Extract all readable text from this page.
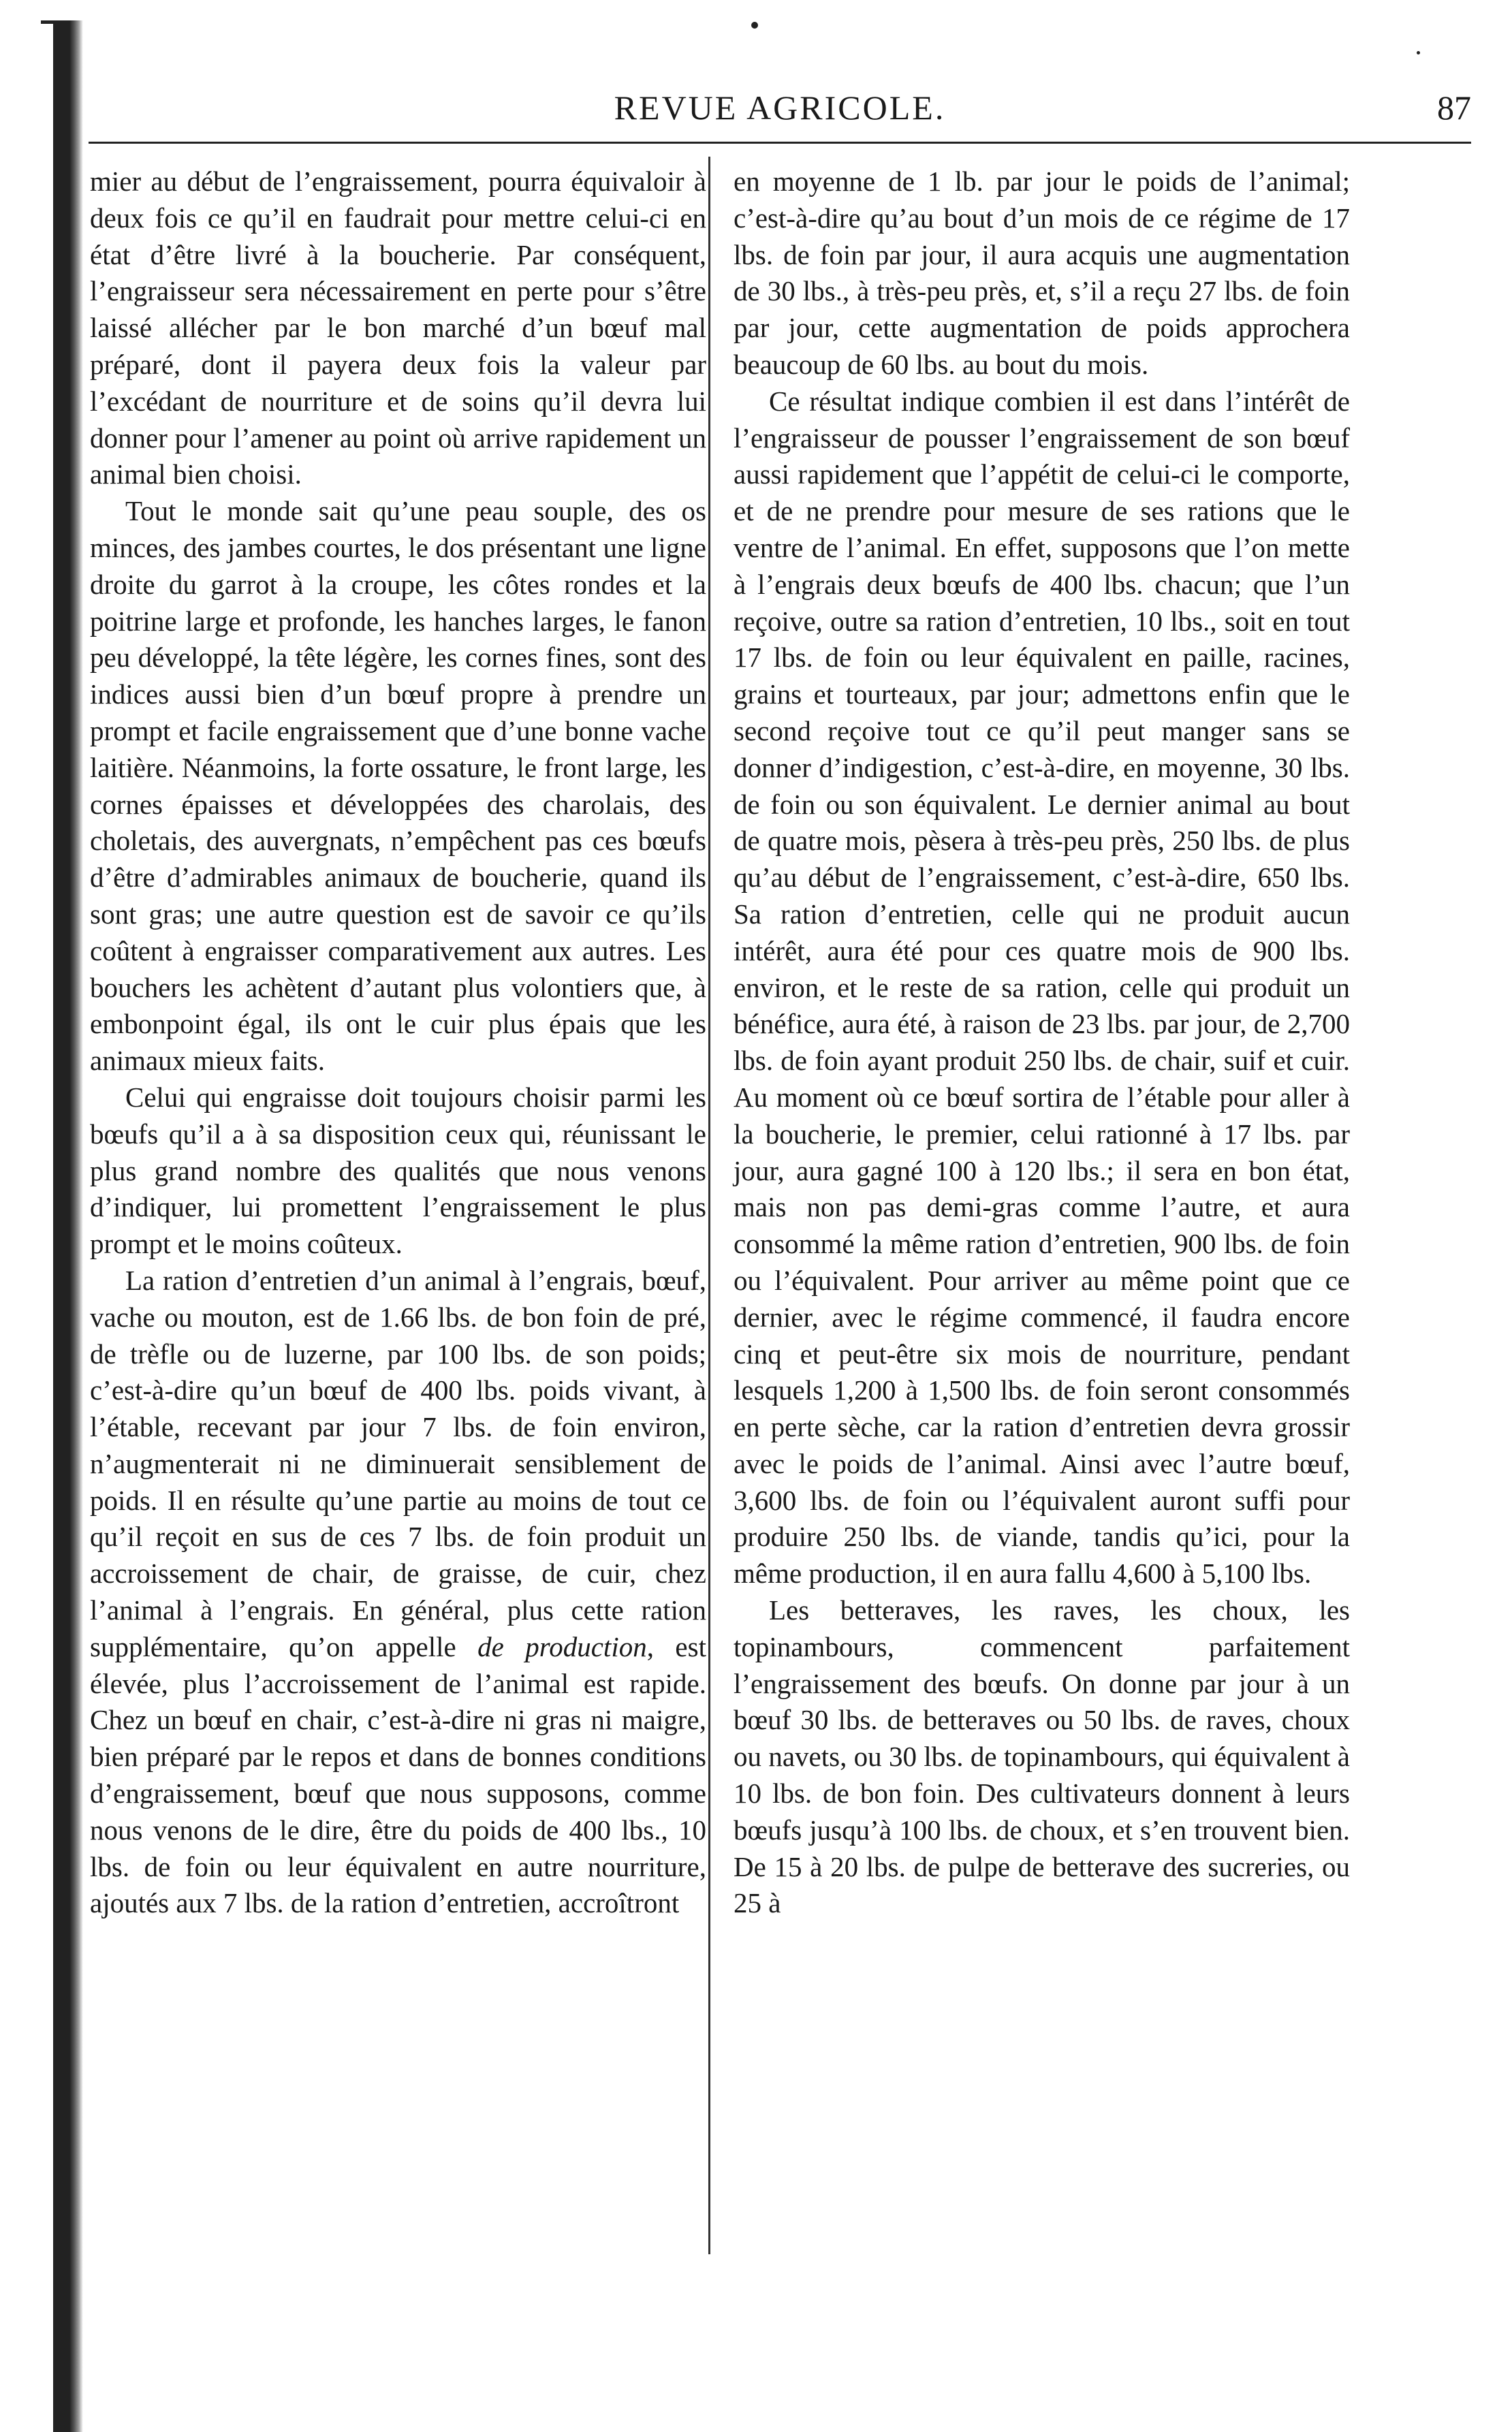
REVUE AGRICOLE.	87

mier au début de l’engraissement, pourra équivaloir à deux fois ce qu’il en faudrait pour mettre celui-ci en état d’être livré à la boucherie. Par conséquent, l’engraisseur sera nécessairement en perte pour s’être laissé allécher par le bon marché d’un bœuf mal préparé, dont il payera deux fois la valeur par l’excédant de nourriture et de soins qu’il devra lui donner pour l’amener au point où arrive rapidement un animal bien choisi.

Tout le monde sait qu’une peau souple, des os minces, des jambes courtes, le dos présentant une ligne droite du garrot à la croupe, les côtes rondes et la poitrine large et profonde, les hanches larges, le fanon peu développé, la tête légère, les cornes fines, sont des indices aussi bien d’un bœuf propre à prendre un prompt et facile engraissement que d’une bonne vache laitière. Néanmoins, la forte ossature, le front large, les cornes épaisses et développées des charolais, des choletais, des auvergnats, n’empêchent pas ces bœufs d’être d’admirables animaux de boucherie, quand ils sont gras; une autre question est de savoir ce qu’ils coûtent à engraisser comparativement aux autres. Les bouchers les achètent d’autant plus volontiers que, à embonpoint égal, ils ont le cuir plus épais que les animaux mieux faits.

Celui qui engraisse doit toujours choisir parmi les bœufs qu’il a à sa disposition ceux qui, réunissant le plus grand nombre des qualités que nous venons d’indiquer, lui promettent l’engraissement le plus prompt et le moins coûteux.

La ration d’entretien d’un animal à l’engrais, bœuf, vache ou mouton, est de 1.66 lbs. de bon foin de pré, de trèfle ou de luzerne, par 100 lbs. de son poids; c’est-à-dire qu’un bœuf de 400 lbs. poids vivant, à l’étable, recevant par jour 7 lbs. de foin environ, n’augmenterait ni ne diminuerait sensiblement de poids. Il en résulte qu’une partie au moins de tout ce qu’il reçoit en sus de ces 7 lbs. de foin produit un accroissement de chair, de graisse, de cuir, chez l’animal à l’engrais. En général, plus cette ration supplémentaire, qu’on appelle de production, est élevée, plus l’accroissement de l’animal est rapide. Chez un bœuf en chair, c’est-à-dire ni gras ni maigre, bien préparé par le repos et dans de bonnes conditions d’engraissement, bœuf que nous supposons, comme nous venons de le dire, être du poids de 400 lbs., 10 lbs. de foin ou leur équivalent en autre nourriture, ajoutés aux 7 lbs. de la ration d’entretien, accroîtront

en moyenne de 1 lb. par jour le poids de l’animal; c’est-à-dire qu’au bout d’un mois de ce régime de 17 lbs. de foin par jour, il aura acquis une augmentation de 30 lbs., à très-peu près, et, s’il a reçu 27 lbs. de foin par jour, cette augmentation de poids approchera beaucoup de 60 lbs. au bout du mois.

Ce résultat indique combien il est dans l’intérêt de l’engraisseur de pousser l’engraissement de son bœuf aussi rapidement que l’appétit de celui-ci le comporte, et de ne prendre pour mesure de ses rations que le ventre de l’animal. En effet, supposons que l’on mette à l’engrais deux bœufs de 400 lbs. chacun; que l’un reçoive, outre sa ration d’entretien, 10 lbs., soit en tout 17 lbs. de foin ou leur équivalent en paille, racines, grains et tourteaux, par jour; admettons enfin que le second reçoive tout ce qu’il peut manger sans se donner d’indigestion, c’est-à-dire, en moyenne, 30 lbs. de foin ou son équivalent. Le dernier animal au bout de quatre mois, pèsera à très-peu près, 250 lbs. de plus qu’au début de l’engraissement, c’est-à-dire, 650 lbs. Sa ration d’entretien, celle qui ne produit aucun intérêt, aura été pour ces quatre mois de 900 lbs. environ, et le reste de sa ration, celle qui produit un bénéfice, aura été, à raison de 23 lbs. par jour, de 2,700 lbs. de foin ayant produit 250 lbs. de chair, suif et cuir. Au moment où ce bœuf sortira de l’étable pour aller à la boucherie, le premier, celui rationné à 17 lbs. par jour, aura gagné 100 à 120 lbs.; il sera en bon état, mais non pas demi-gras comme l’autre, et aura consommé la même ration d’entretien, 900 lbs. de foin ou l’équivalent. Pour arriver au même point que ce dernier, avec le régime commencé, il faudra encore cinq et peut-être six mois de nourriture, pendant lesquels 1,200 à 1,500 lbs. de foin seront consommés en perte sèche, car la ration d’entretien devra grossir avec le poids de l’animal. Ainsi avec l’autre bœuf, 3,600 lbs. de foin ou l’équivalent auront suffi pour produire 250 lbs. de viande, tandis qu’ici, pour la même production, il en aura fallu 4,600 à 5,100 lbs.

Les betteraves, les raves, les choux, les topinambours, commencent parfaitement l’engraissement des bœufs. On donne par jour à un bœuf 30 lbs. de betteraves ou 50 lbs. de raves, choux ou navets, ou 30 lbs. de topinambours, qui équivalent à 10 lbs. de bon foin. Des cultivateurs donnent à leurs bœufs jusqu’à 100 lbs. de choux, et s’en trouvent bien. De 15 à 20 lbs. de pulpe de betterave des sucreries, ou 25 à
